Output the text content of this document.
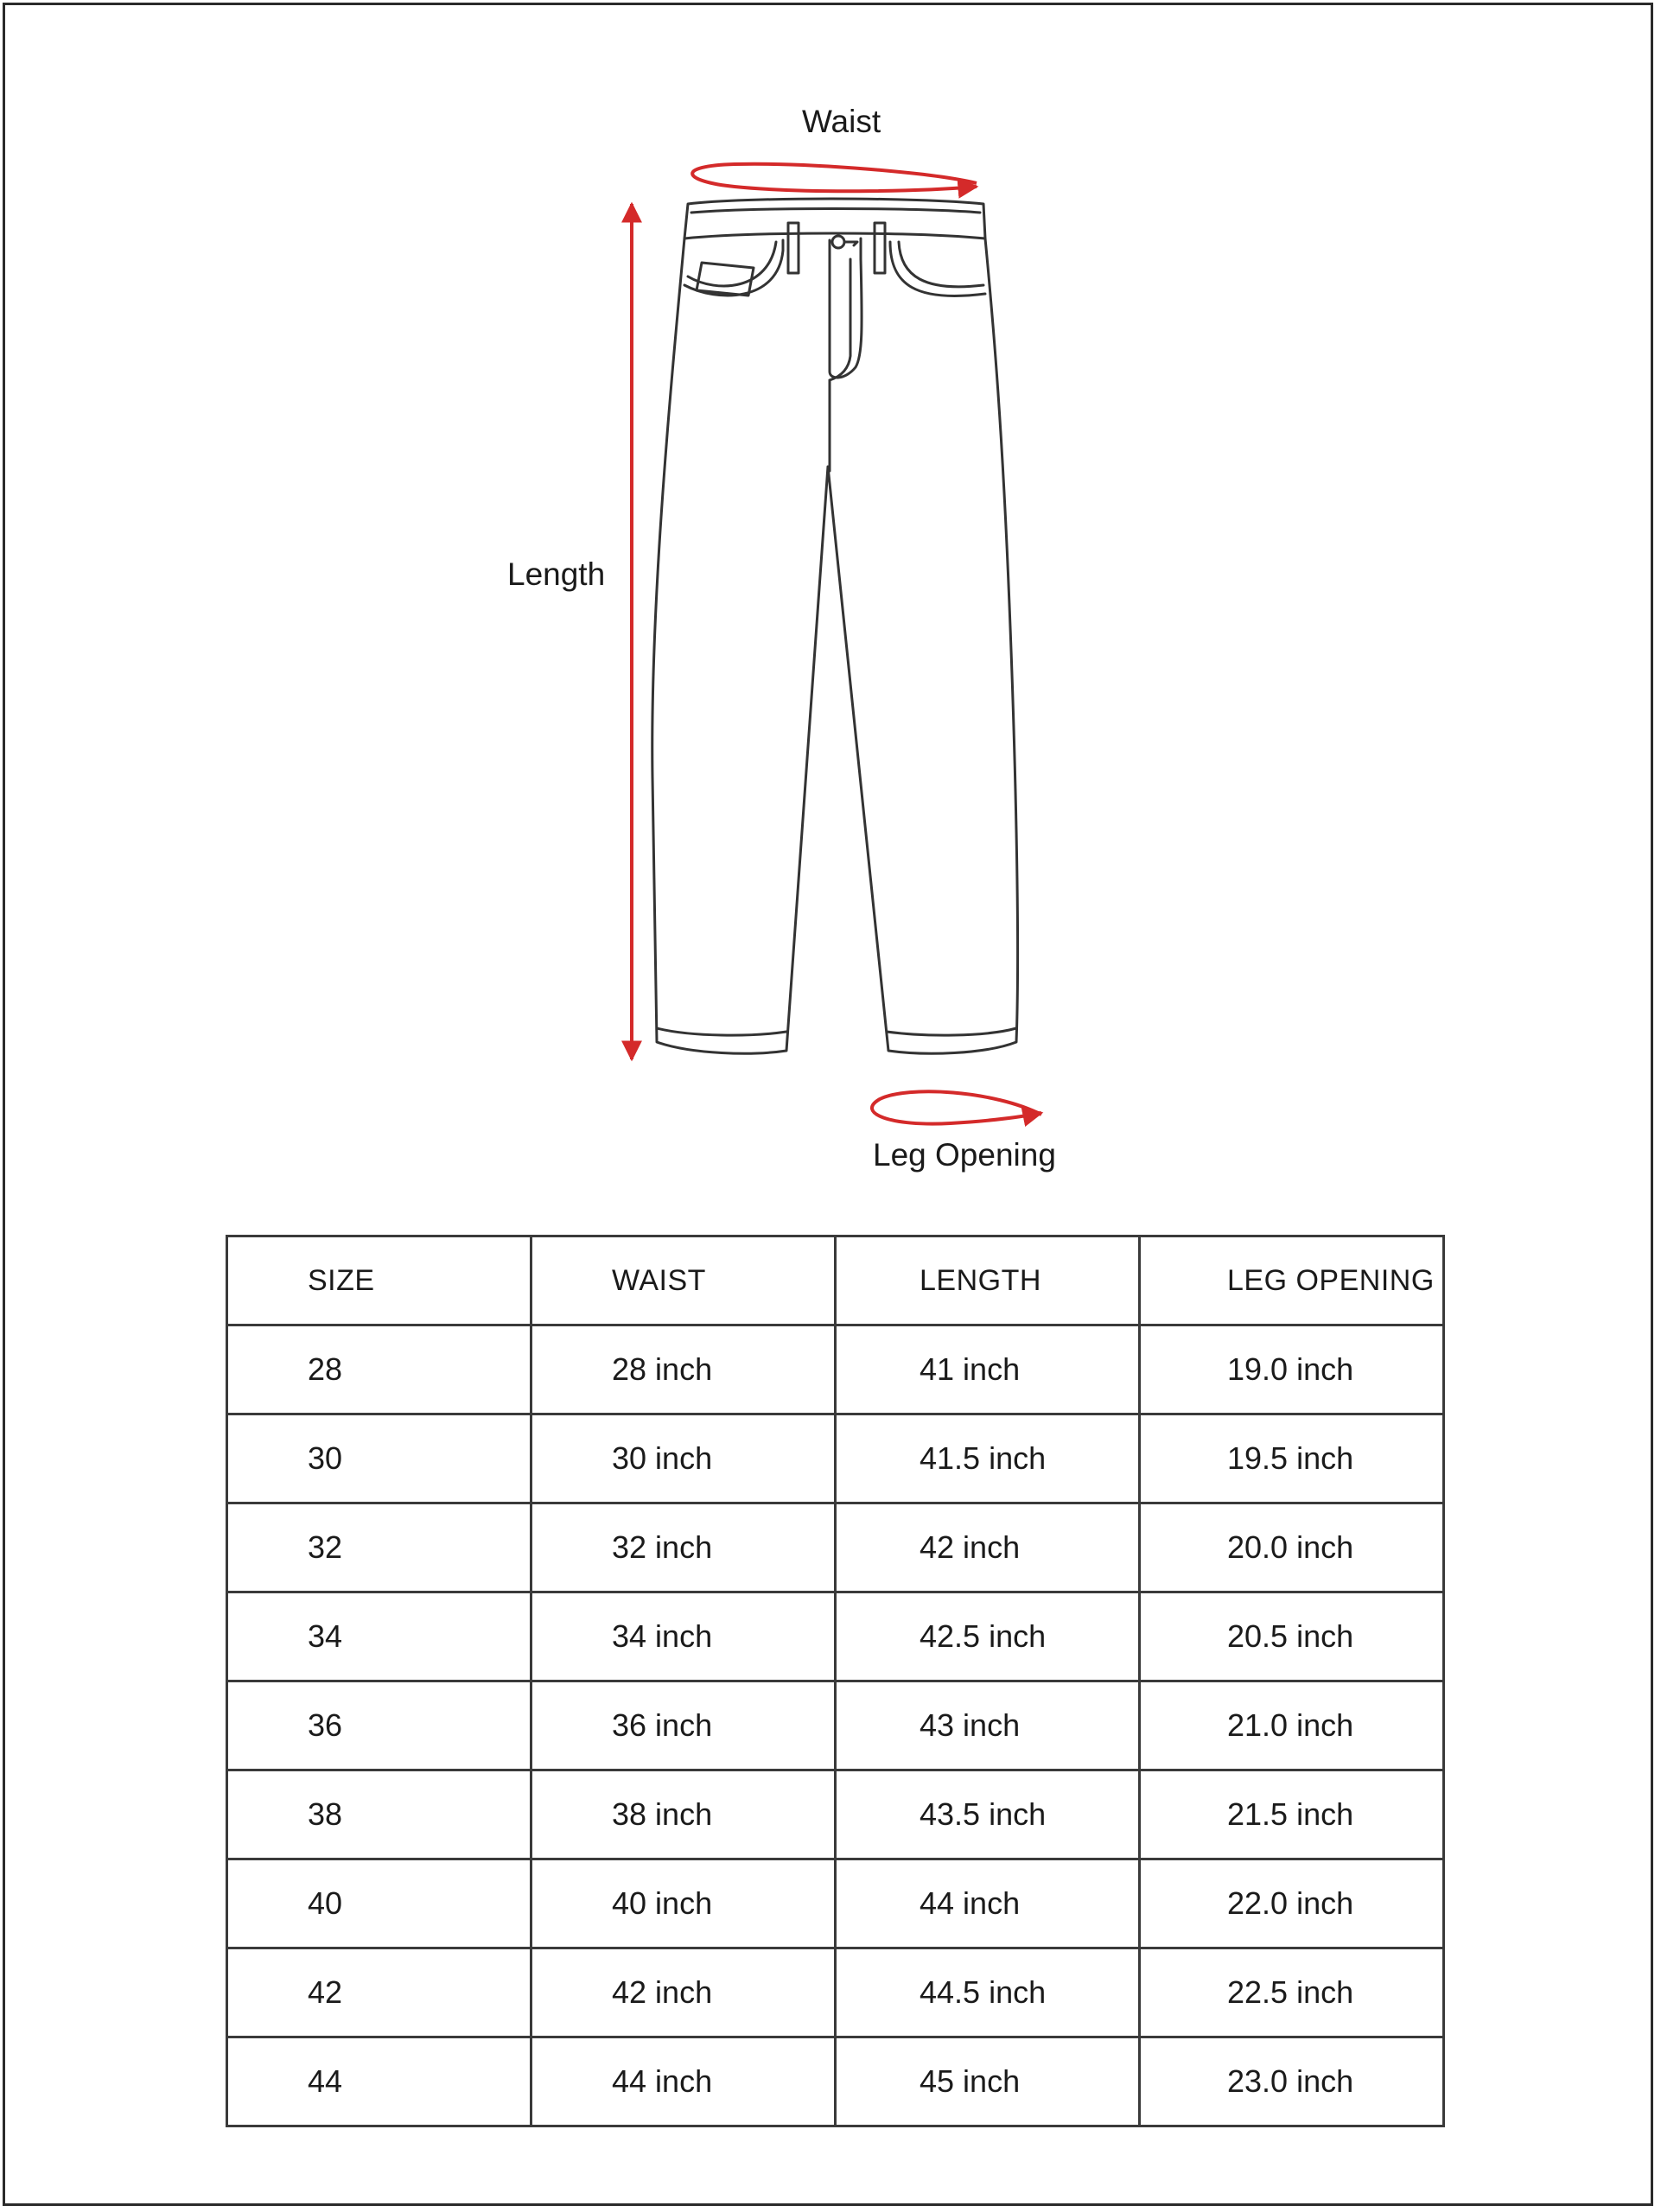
Waist
Length
Leg Opening
SIZE	WAIST	LENGTH	LEG OPENING
28	28 inch	41 inch	19.0 inch
30	30 inch	41.5 inch	19.5 inch
32	32 inch	42 inch	20.0 inch
34	34 inch	42.5 inch	20.5 inch
36	36 inch	43 inch	21.0 inch
38	38 inch	43.5 inch	21.5 inch
40	40 inch	44 inch	22.0 inch
42	42 inch	44.5 inch	22.5 inch
44	44 inch	45 inch	23.0 inch
